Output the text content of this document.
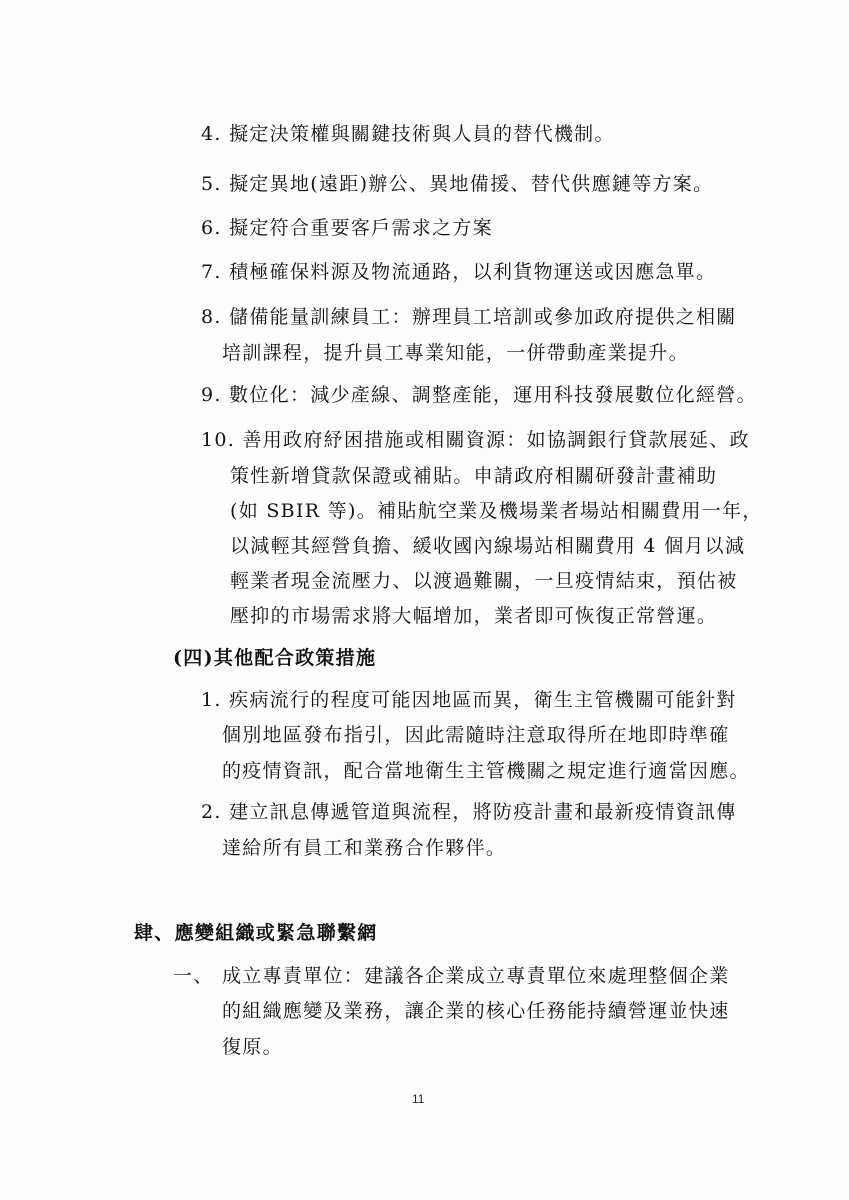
4. 擬定決策權與關鍵技術與人員的替代機制。
5. 擬定異地(遠距)辦公、異地備援、替代供應鏈等方案。
6. 擬定符合重要客戶需求之方案
7. 積極確保料源及物流通路，以利貨物運送或因應急單。
8. 儲備能量訓練員工：辦理員工培訓或參加政府提供之相關
培訓課程，提升員工專業知能，一併帶動產業提升。
9. 數位化：減少產線、調整產能，運用科技發展數位化經營。
10. 善用政府紓困措施或相關資源：如協調銀行貸款展延、政
策性新增貸款保證或補貼。申請政府相關研發計畫補助
(如 SBIR 等)。補貼航空業及機場業者場站相關費用一年，
以減輕其經營負擔、緩收國內線場站相關費用 4 個月以減
輕業者現金流壓力、以渡過難關，一旦疫情結束，預估被
壓抑的市場需求將大幅增加，業者即可恢復正常營運。
(四)其他配合政策措施
1. 疾病流行的程度可能因地區而異，衛生主管機關可能針對
個別地區發布指引，因此需隨時注意取得所在地即時準確
的疫情資訊，配合當地衛生主管機關之規定進行適當因應。
2. 建立訊息傳遞管道與流程，將防疫計畫和最新疫情資訊傳
達給所有員工和業務合作夥伴。
肆、應變組織或緊急聯繫網
一、 成立專責單位：建議各企業成立專責單位來處理整個企業
的組織應變及業務，讓企業的核心任務能持續營運並快速
復原。
11
